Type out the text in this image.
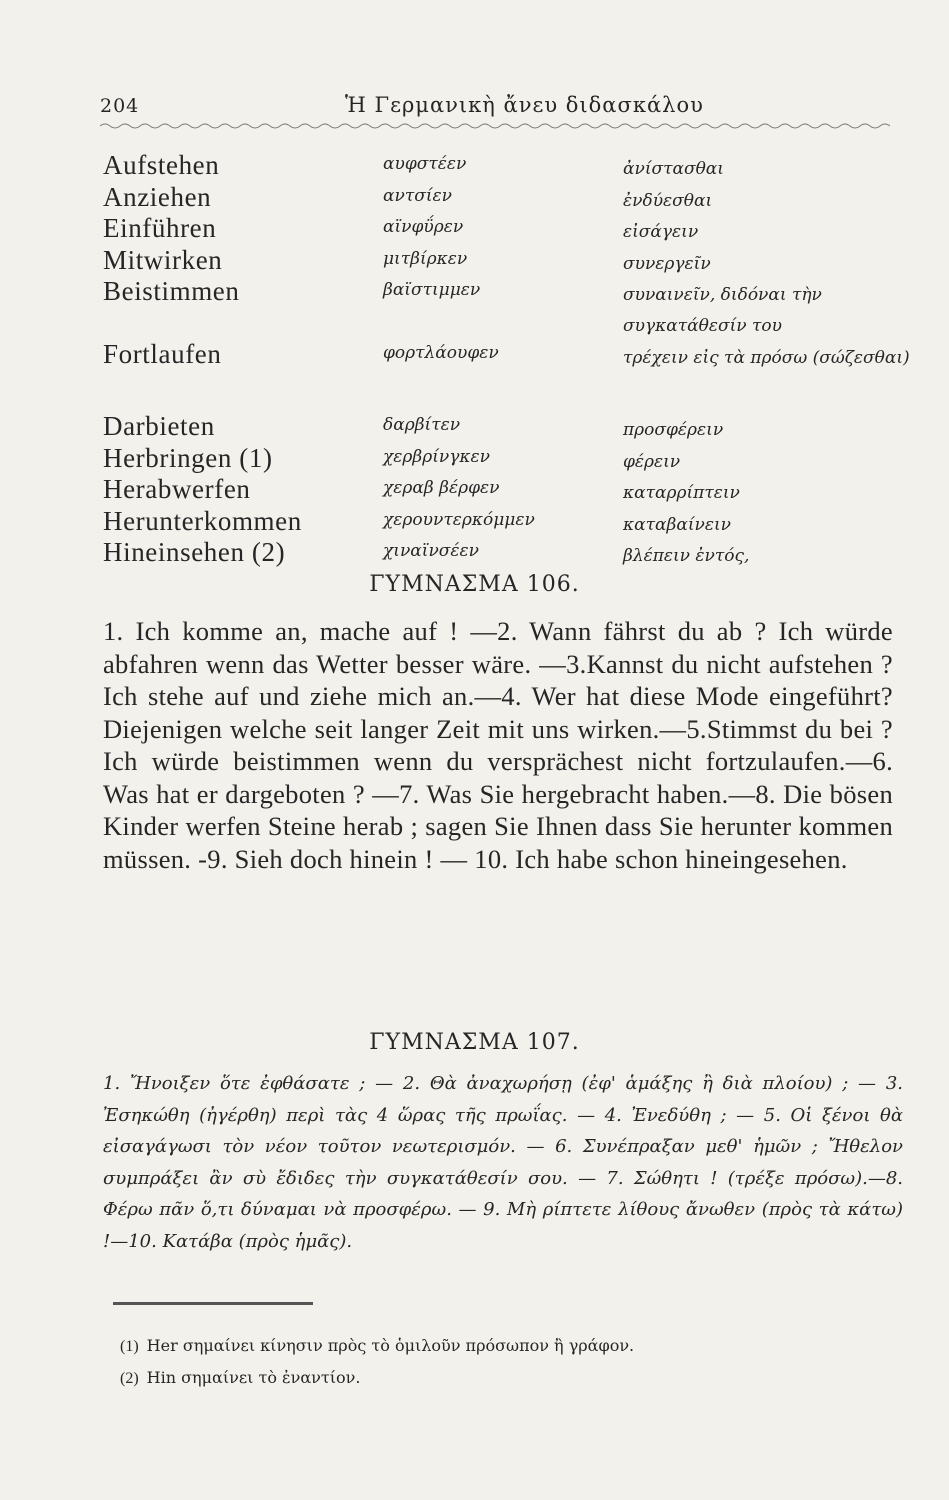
204	Ἡ Γερμανικὴ ἄνευ διδασκάλου
Aufstehen	αυφστέεν	ἀνίστασθαι
Anziehen	αντσίεν	ἐνδύεσθαι
Einführen	αϊνφΰρεν	εἰσάγειν
Mitwirken	μιτβίρκεν	συνεργεῖν
Beistimmen	βαϊστιμμεν	συναινεῖν, διδόναι τὴν συγκατάθεσίν του
Fortlaufen	φορτλάουφεν	τρέχειν εἰς τὰ πρόσω (σώζεσθαι)
Darbieten	δαρβίτεν	προσφέρειν
Herbringen (1)	χερβρίνγκεν	φέρειν
Herabwerfen	χεραβ βέρφεν	καταρρίπτειν
Herunterkommen	χερουντερκόμμεν	καταβαίνειν
Hineinsehen (2)	χιναϊνσέεν	βλέπειν ἐντός,
ΓΥΜΝΑΣΜΑ 106.
1. Ich komme an, mache auf ! —2. Wann fährst du ab ? Ich würde abfahren wenn das Wetter besser wäre. —3.Kannst du nicht aufstehen ? Ich stehe auf und ziehe mich an.—4. Wer hat diese Mode eingeführt? Diejenigen welche seit langer Zeit mit uns wirken.—5.Stimmst du bei ? Ich würde beistimmen wenn du versprächest nicht fortzulaufen.—6. Was hat er dargeboten ? —7. Was Sie hergebracht haben.—8. Die bösen Kinder werfen Steine herab ; sagen Sie Ihnen dass Sie herunter kommen müssen. -9. Sieh doch hinein ! — 10. Ich habe schon hineingesehen.
ΓΥΜΝΑΣΜΑ 107.
1. Ἤνοιξεν ὅτε ἐφθάσατε ; — 2. Θὰ ἀναχωρήσῃ (ἐφ' ἁμάξης ἢ διὰ πλοίου) ; — 3. Ἐσηκώθη (ἠγέρθη) περὶ τὰς 4 ὥρας τῆς πρωΐας. — 4. Ἐνεδύθη ; — 5. Οἱ ξένοι θὰ εἰσαγάγωσι τὸν νέον τοῦτον νεωτερισμόν. — 6. Συνέπραξαν μεθ' ἡμῶν ; Ἤθελον συμπράξει ἂν σὺ ἔδιδες τὴν συγκατάθεσίν σου. — 7. Σώθητι ! (τρέξε πρόσω).—8. Φέρω πᾶν ὅ,τι δύναμαι νὰ προσφέρω. — 9. Μὴ ρίπτετε λίθους ἄνωθεν (πρὸς τὰ κάτω) !—10. Κατάβα (πρὸς ἡμᾶς).
(1) Her σημαίνει κίνησιν πρὸς τὸ ὁμιλοῦν πρόσωπον ἢ γράφον.
(2) Hin σημαίνει τὸ ἐναντίον.
